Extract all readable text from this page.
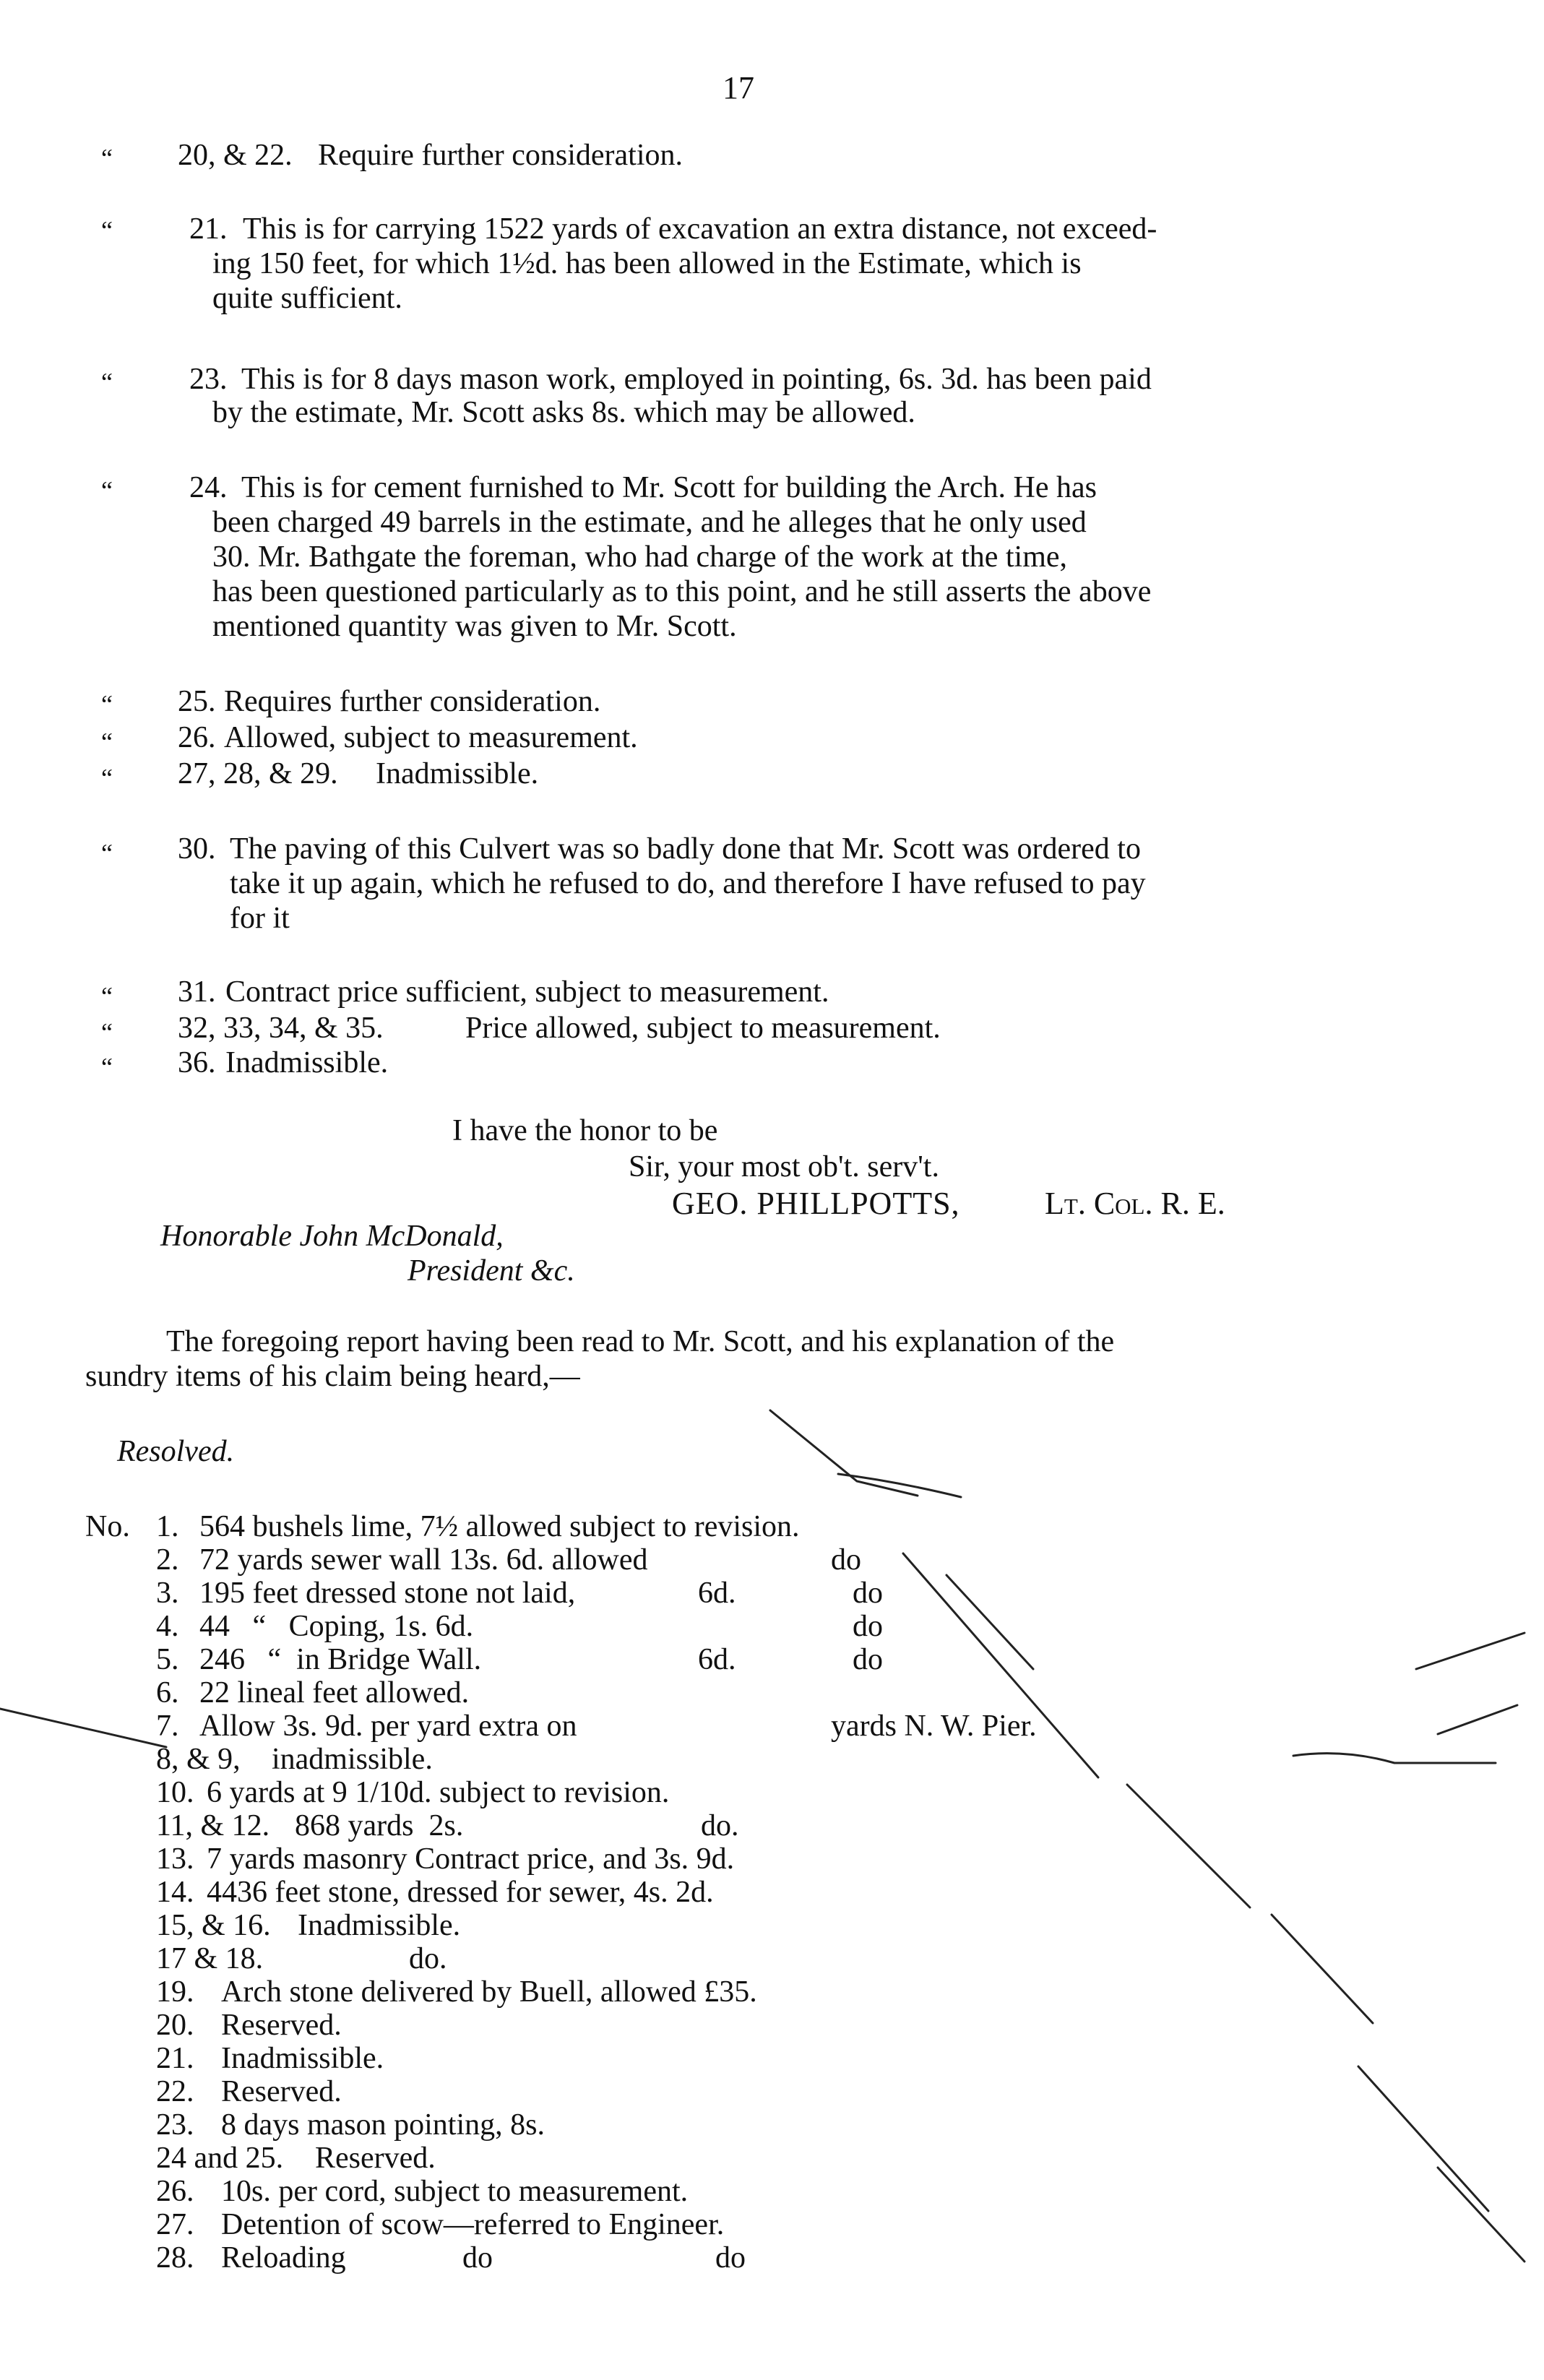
17
“ 20, & 22. Require further consideration.
“	21. This is for carrying 1522 yards of excavation an extra distance, not exceed-
ing 150 feet, for which 1½d. has been allowed in the Estimate, which is
quite sufficient.
“	23. This is for 8 days mason work, employed in pointing, 6s. 3d. has been paid
by the estimate, Mr. Scott asks 8s. which may be allowed.
“	24. This is for cement furnished to Mr. Scott for building the Arch. He has
been charged 49 barrels in the estimate, and he alleges that he only used
30. Mr. Bathgate the foreman, who had charge of the work at the time,
has been questioned particularly as to this point, and he still asserts the above
mentioned quantity was given to Mr. Scott.
“ 25. Requires further consideration.
“ 26. Allowed, subject to measurement.
“ 27, 28, & 29. Inadmissible.
“ 30. The paving of this Culvert was so badly done that Mr. Scott was ordered to
take it up again, which he refused to do, and therefore I have refused to pay
for it
“ 31. Contract price sufficient, subject to measurement.
“ 32, 33, 34, & 35.	Price allowed, subject to measurement.
“ 36. Inadmissible.
I have the honor to be
Sir, your most ob't. serv't.
GEO. PHILLPOTTS,	Lt. Col. R. E.
Honorable John McDonald,
President &c.
The foregoing report having been read to Mr. Scott, and his explanation of the
sundry items of his claim being heard,—
Resolved.
No. 1. 564 bushels lime, 7½ allowed subject to revision.
2. 72 yards sewer wall 13s. 6d. allowed	do
3. 195 feet dressed stone not laid,	6d.	do
4. 44   “   Coping, 1s. 6d.	do
5. 246   “  in Bridge Wall.	6d.	do
6. 22 lineal feet allowed.
7. Allow 3s. 9d. per yard extra on	yards N. W. Pier.
8, & 9, inadmissible.
10. 6 yards at 9 1/10d. subject to revision.
11, & 12. 868 yards  2s.	do.
13. 7 yards masonry Contract price, and 3s. 9d.
14. 4436 feet stone, dressed for sewer, 4s. 2d.
15, & 16. Inadmissible.
17 & 18.	do.
19. Arch stone delivered by Buell, allowed £35.
20. Reserved.
21. Inadmissible.
22. Reserved.
23. 8 days mason pointing, 8s.
24 and 25. Reserved.
26. 10s. per cord, subject to measurement.
27. Detention of scow—referred to Engineer.
28. Reloading	do	do
